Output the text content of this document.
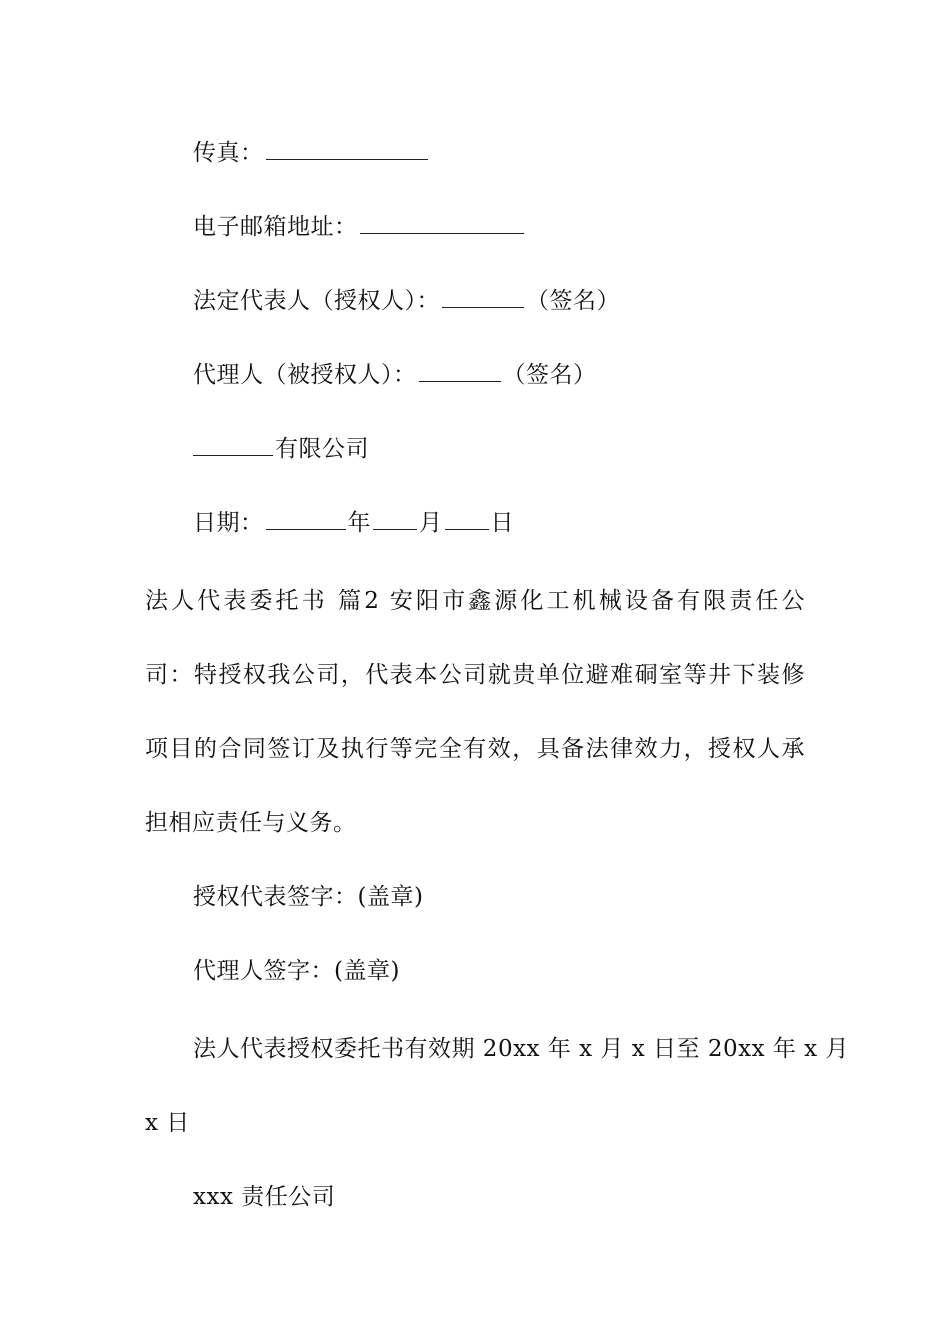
传真：
电子邮箱地址：
法定代表人（授权人）：	（签名）
代理人（被授权人）：	（签名）
有限公司
日期：	年 月 日
法人代表委托书 篇2 安阳市鑫源化工机械设备有限责任公
司：特授权我公司，代表本公司就贵单位避难硐室等井下装修
项目的合同签订及执行等完全有效，具备法律效力，授权人承
担相应责任与义务。
授权代表签字：(盖章)
代理人签字：(盖章)
法人代表授权委托书有效期 20xx 年 x 月 x 日至 20xx 年 x 月
x 日
xxx 责任公司
